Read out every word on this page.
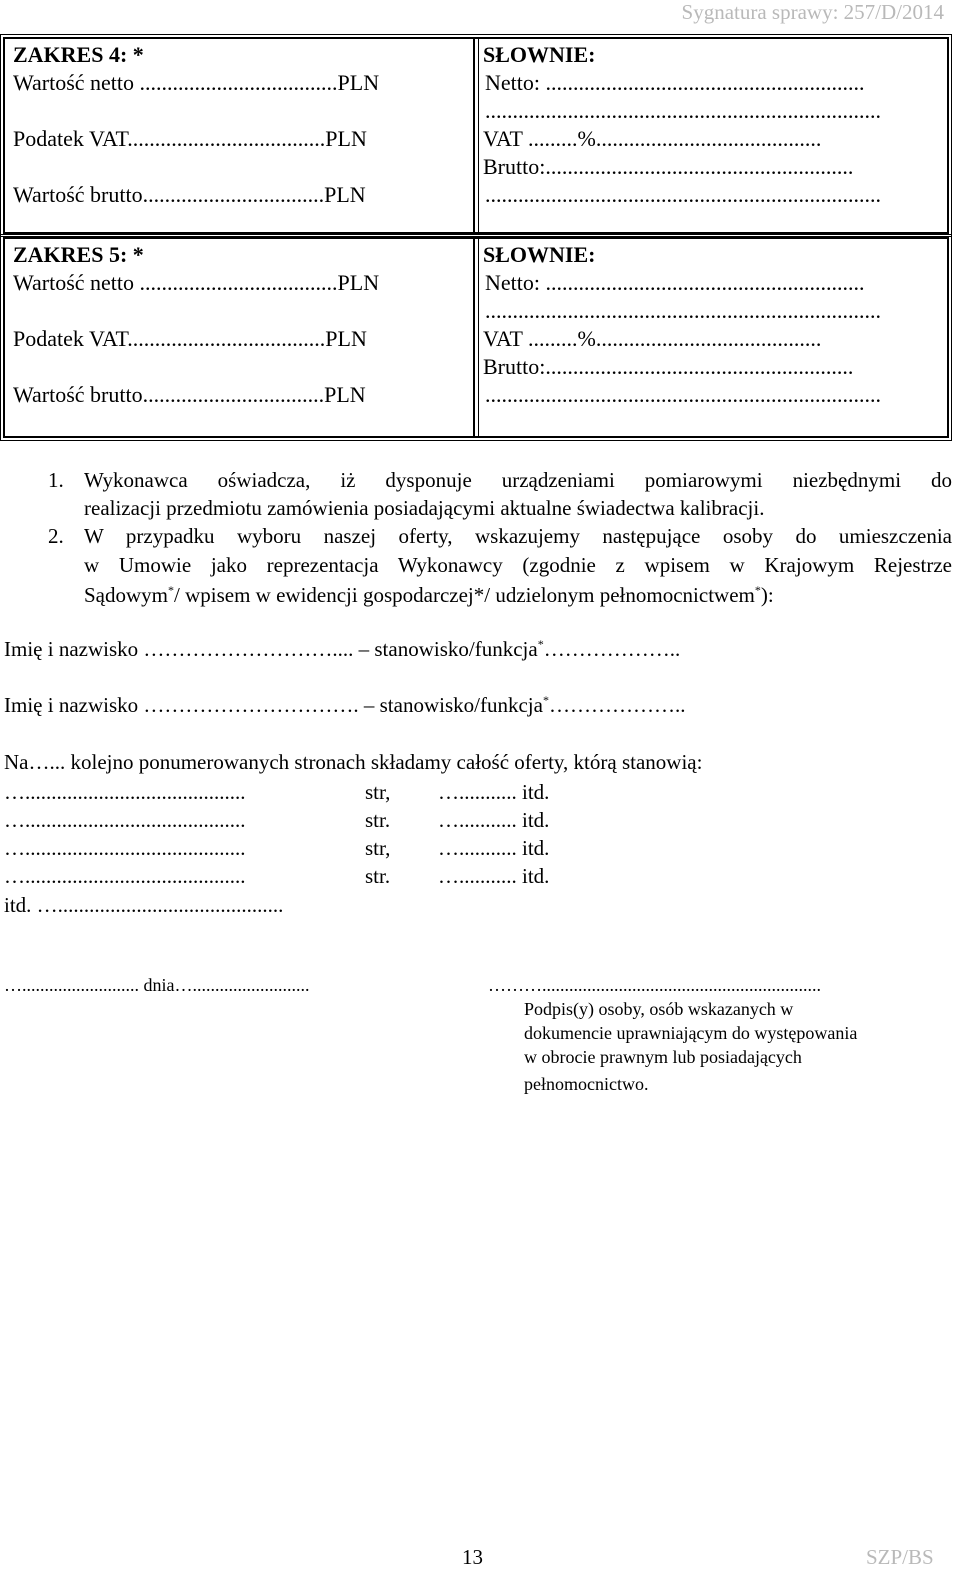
Sygnatura sprawy: 257/D/2014
ZAKRES 4: *
Wartość netto ....................................PLN
Podatek VAT....................................PLN
Wartość brutto.................................PLN
SŁOWNIE:
Netto: ..........................................................
........................................................................
VAT .........%.........................................
Brutto:........................................................
........................................................................
ZAKRES 5: *
Wartość netto ....................................PLN
Podatek VAT....................................PLN
Wartość brutto.................................PLN
SŁOWNIE:
Netto: ..........................................................
........................................................................
VAT .........%.........................................
Brutto:........................................................
........................................................................
1. Wykonawca oświadcza, iż dysponuje urządzeniami pomiarowymi niezbędnymi do
realizacji przedmiotu zamówienia posiadającymi aktualne świadectwa kalibracji.
2. W przypadku wyboru naszej oferty, wskazujemy następujące osoby do umieszczenia
w Umowie jako reprezentacja Wykonawcy (zgodnie z wpisem w Krajowym Rejestrze
Sądowym*/ wpisem w ewidencji gospodarczej*/ udzielonym pełnomocnictwem*):
Imię i nazwisko ……………………….... – stanowisko/funkcja*………………..
Imię i nazwisko …………………………. – stanowisko/funkcja*………………..
Na…... kolejno ponumerowanych stronach składamy całość oferty, którą stanowią:
…..........................................	str, …........... itd.
…..........................................	str. …........... itd.
…..........................................	str, …........... itd.
…..........................................	str. …........... itd.
itd. …...........................................
….......................... dnia…..........................	………..............................................................
Podpis(y) osoby, osób wskazanych w
dokumencie uprawniającym do występowania
w obrocie prawnym lub posiadających
pełnomocnictwo.
13	SZP/BS
